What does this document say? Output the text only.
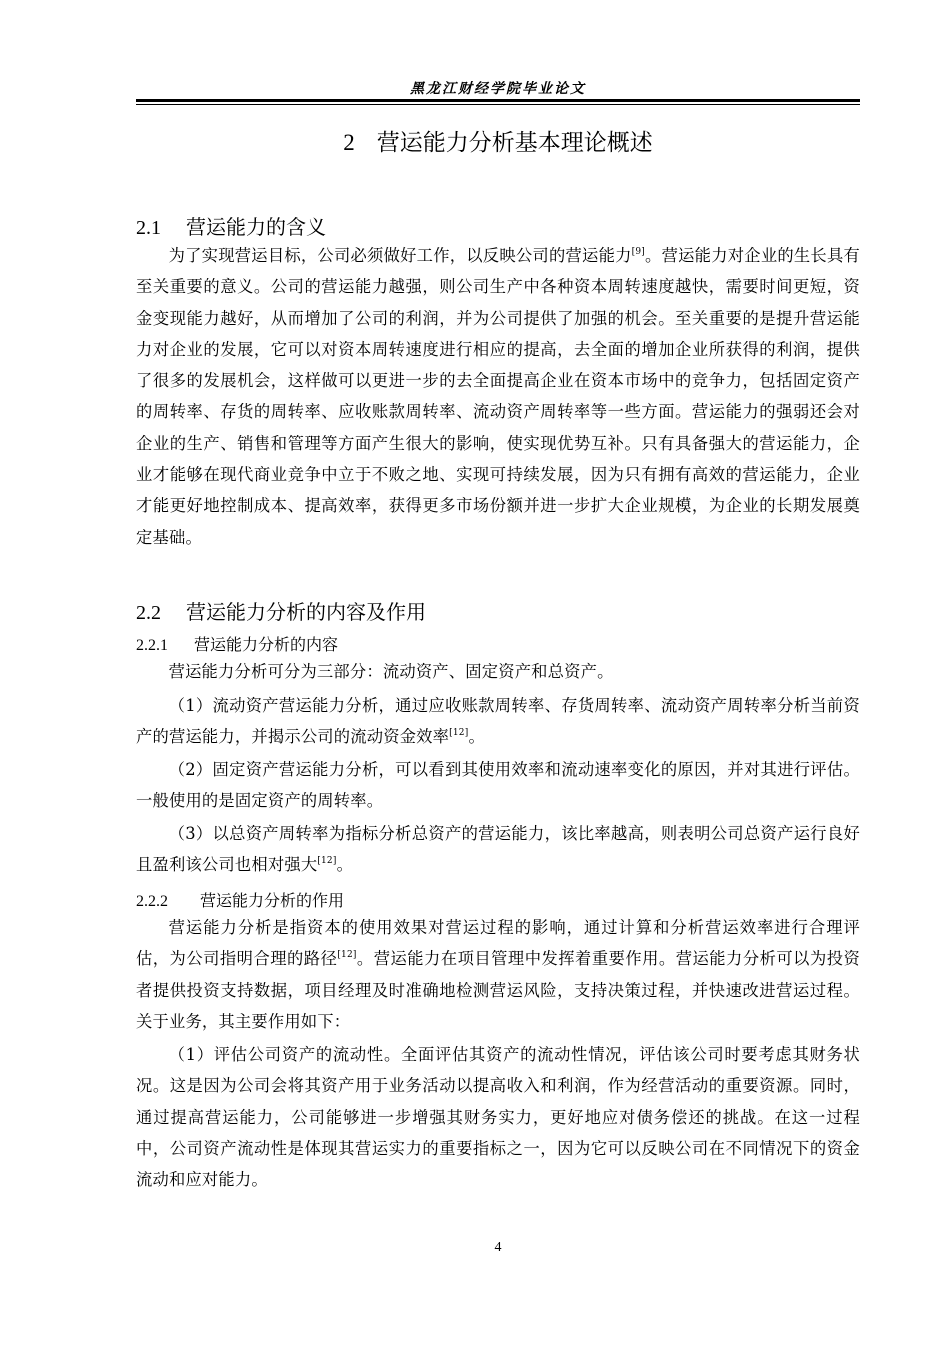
黑龙江财经学院毕业论文
2 营运能力分析基本理论概述
2.1 营运能力的含义
为了实现营运目标，公司必须做好工作，以反映公司的营运能力[9]。营运能力对企业的生长具有至关重要的意义。公司的营运能力越强，则公司生产中各种资本周转速度越快，需要时间更短，资金变现能力越好，从而增加了公司的利润，并为公司提供了加强的机会。至关重要的是提升营运能力对企业的发展，它可以对资本周转速度进行相应的提高，去全面的增加企业所获得的利润，提供了很多的发展机会，这样做可以更进一步的去全面提高企业在资本市场中的竞争力，包括固定资产的周转率、存货的周转率、应收账款周转率、流动资产周转率等一些方面。营运能力的强弱还会对企业的生产、销售和管理等方面产生很大的影响，使实现优势互补。只有具备强大的营运能力，企业才能够在现代商业竞争中立于不败之地、实现可持续发展，因为只有拥有高效的营运能力，企业才能更好地控制成本、提高效率，获得更多市场份额并进一步扩大企业规模，为企业的长期发展奠定基础。
2.2 营运能力分析的内容及作用
2.2.1 营运能力分析的内容
营运能力分析可分为三部分：流动资产、固定资产和总资产。
（1）流动资产营运能力分析，通过应收账款周转率、存货周转率、流动资产周转率分析当前资产的营运能力，并揭示公司的流动资金效率[12]。
（2）固定资产营运能力分析，可以看到其使用效率和流动速率变化的原因，并对其进行评估。一般使用的是固定资产的周转率。
（3）以总资产周转率为指标分析总资产的营运能力，该比率越高，则表明公司总资产运行良好且盈利该公司也相对强大[12]。
2.2.2 营运能力分析的作用
营运能力分析是指资本的使用效果对营运过程的影响，通过计算和分析营运效率进行合理评估，为公司指明合理的路径[12]。营运能力在项目管理中发挥着重要作用。营运能力分析可以为投资者提供投资支持数据，项目经理及时准确地检测营运风险，支持决策过程，并快速改进营运过程。关于业务，其主要作用如下：
（1）评估公司资产的流动性。全面评估其资产的流动性情况，评估该公司时要考虑其财务状况。这是因为公司会将其资产用于业务活动以提高收入和利润，作为经营活动的重要资源。同时，通过提高营运能力，公司能够进一步增强其财务实力，更好地应对债务偿还的挑战。在这一过程中，公司资产流动性是体现其营运实力的重要指标之一，因为它可以反映公司在不同情况下的资金流动和应对能力。
4
